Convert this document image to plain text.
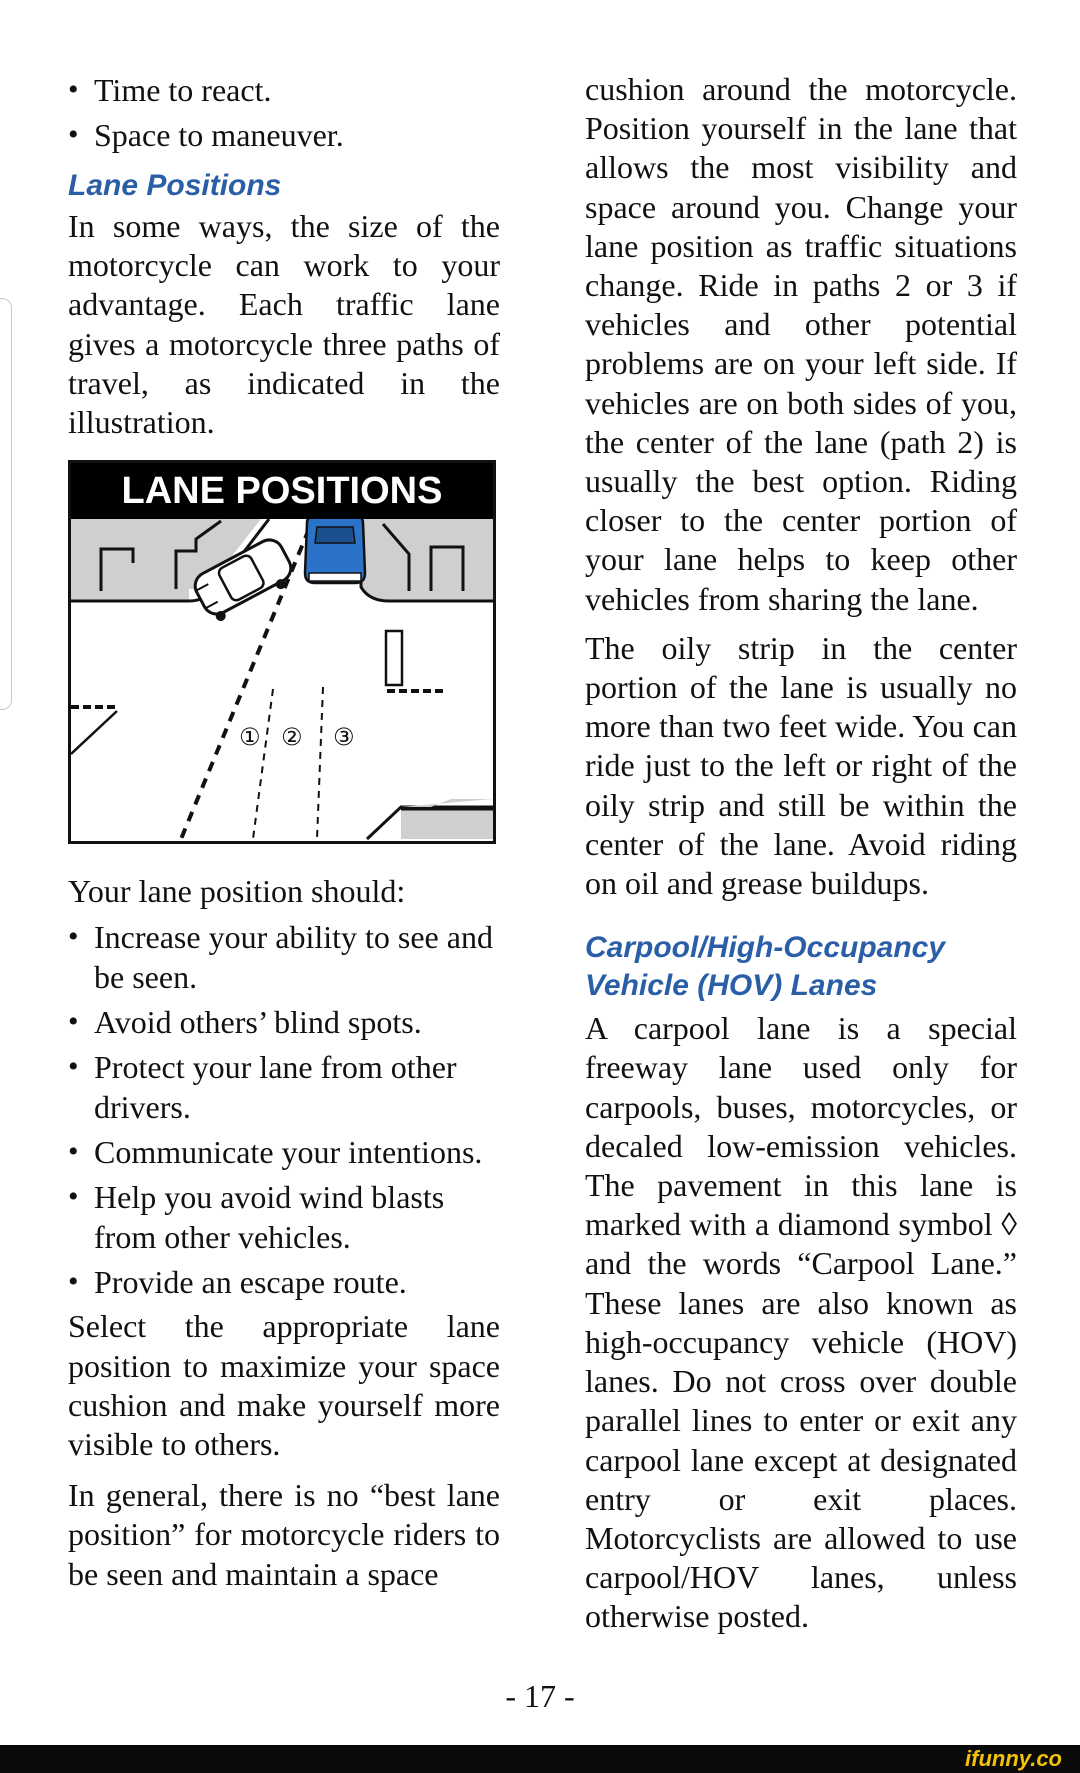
• Time to react.
• Space to maneuver.
Lane Positions

In some ways, the size of the motorcycle can work to your advantage. Each traffic lane gives a motorcycle three paths of travel, as indicated in the illustration.

LANE POSITIONS
① ② ③

Your lane position should:

• Increase your ability to see and be seen.
• Avoid others’ blind spots.
• Protect your lane from other drivers.
• Communicate your intentions.
• Help you avoid wind blasts from other vehicles.
• Provide an escape route.

Select the appropriate lane position to maximize your space cushion and make yourself more visible to others.

In general, there is no “best lane position” for motorcycle riders to be seen and maintain a space

cushion around the motorcycle. Position yourself in the lane that allows the most visibility and space around you. Change your lane position as traffic situations change. Ride in paths 2 or 3 if vehicles and other potential problems are on your left side. If vehicles are on both sides of you, the center of the lane (path 2) is usually the best option. Riding closer to the center portion of your lane helps to keep other vehicles from sharing the lane.

The oily strip in the center portion of the lane is usually no more than two feet wide. You can ride just to the left or right of the oily strip and still be within the center of the lane. Avoid riding on oil and grease buildups.

Carpool/High-Occupancy
Vehicle (HOV) Lanes

A carpool lane is a special freeway lane used only for carpools, buses, motorcycles, or decaled low-emission vehicles. The pavement in this lane is marked with a diamond symbol ◊ and the words “Carpool Lane.” These lanes are also known as high-occupancy vehicle (HOV) lanes. Do not cross over double parallel lines to enter or exit any carpool lane except at designated entry or exit places. Motorcyclists are allowed to use carpool/HOV lanes, unless otherwise posted.

- 17 -
ifunny.co
